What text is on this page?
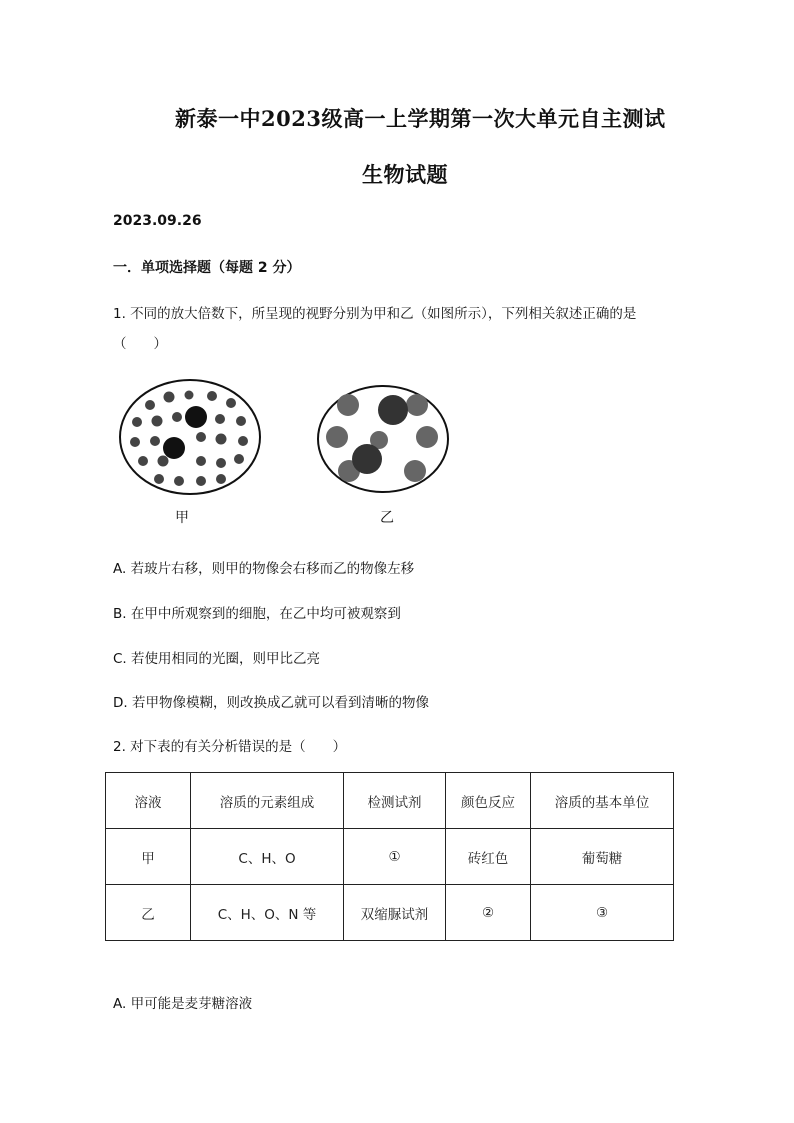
新泰一中2023级高一上学期第一次大单元自主测试
生物试题
2023.09.26
一．单项选择题（每题 2 分）
1. 不同的放大倍数下，所呈现的视野分别为甲和乙（如图所示），下列相关叙述正确的是
（　　）
甲	乙
A. 若玻片右移，则甲的物像会右移而乙的物像左移
B. 在甲中所观察到的细胞，在乙中均可被观察到
C. 若使用相同的光圈，则甲比乙亮
D. 若甲物像模糊，则改换成乙就可以看到清晰的物像
2. 对下表的有关分析错误的是（　　）
溶液	溶质的元素组成	检测试剂	颜色反应	溶质的基本单位
甲	C、H、O	①	砖红色	葡萄糖
乙	C、H、O、N 等	双缩脲试剂	②	③
A. 甲可能是麦芽糖溶液
